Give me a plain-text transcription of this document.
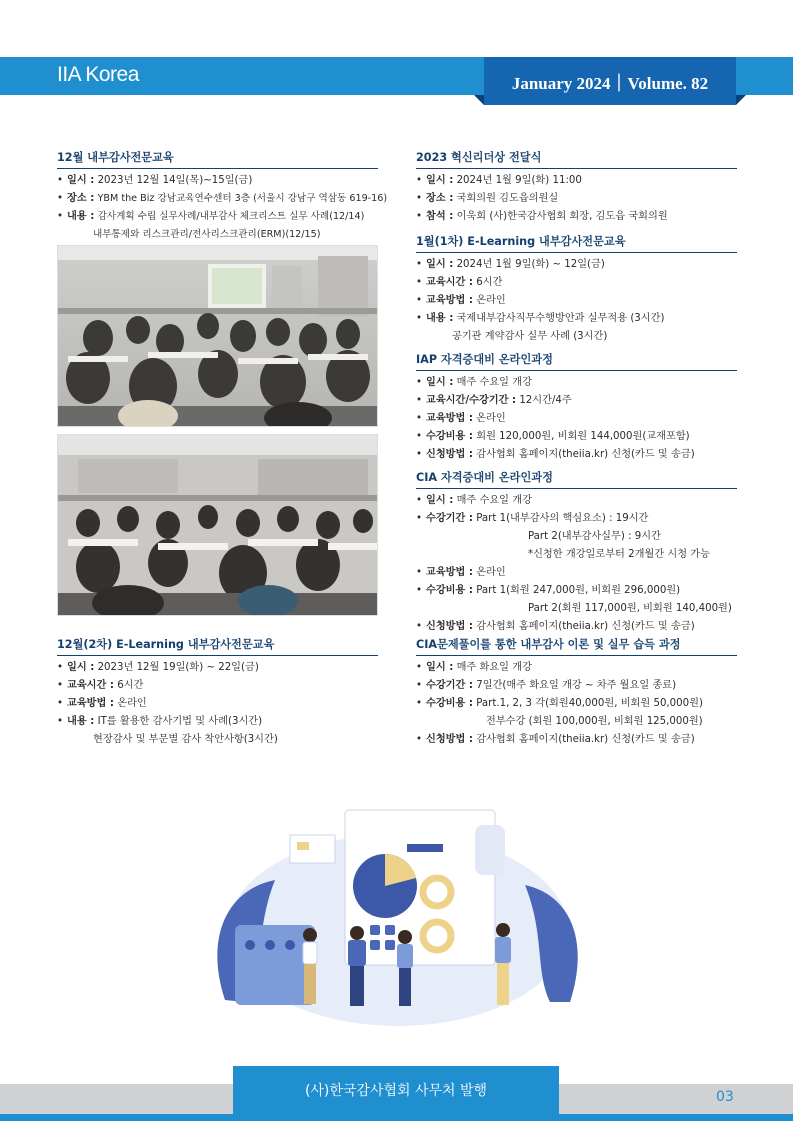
IIA Korea	January 2024｜Volume. 82
12월 내부감사전문교육
• 일시 :
2023년 12월 14일(목)~15일(금)
• 장소 :
YBM the Biz 강남교육연수센터 3층 (서울시 강남구 역삼동 619-16)
• 내용 :
감사계획 수립 실무사례/내부감사 체크리스트 실무 사례(12/14)
내부통제와 리스크관리/전사리스크관리(ERM)(12/15)
12월(2차) E-Learning 내부감사전문교육
• 일시 :
2023년 12월 19일(화) ~ 22일(금)
• 교육시간 :
6시간
• 교육방법 :
온라인
• 내용 :
IT를 활용한 감사기법 및 사례(3시간)
현장감사 및 부문별 감사 착안사항(3시간)
2023 혁신리더상 전달식
• 일시 :
2024년 1월 9일(화) 11:00
• 장소 :
국회의원 김도읍의원실
• 참석 :
이욱희 (사)한국감사협회 회장, 김도읍 국회의원
1월(1차) E-Learning 내부감사전문교육
• 일시 :
2024년 1월 9일(화) ~ 12일(금)
• 교육시간 :
6시간
• 교육방법 :
온라인
• 내용 :
국제내부감사직무수행방안과 실무적용 (3시간)
공기관 계약감사 실무 사례 (3시간)
IAP 자격증대비 온라인과정
• 일시 :
매주 수요일 개강
• 교육시간/수강기간 :
12시간/4주
• 교육방법 :
온라인
• 수강비용 :
회원 120,000원, 비회원 144,000원(교재포함)
• 신청방법 :
감사협회 홈페이지(theiia.kr) 신청(카드 및 송금)
CIA 자격증대비 온라인과정
• 일시 :
매주 수요일 개강
• 수강기간 :
Part 1(내부감사의 핵심요소) : 19시간
Part 2(내부감사실무) : 9시간
*신청한 개강일로부터 2개월간 시청 가능
• 교육방법 :
온라인
• 수강비용 :
Part 1(회원 247,000원, 비회원 296,000원)
Part 2(회원 117,000원, 비회원 140,400원)
• 신청방법 :
감사협회 홈페이지(theiia.kr) 신청(카드 및 송금)
CIA문제풀이를 통한 내부감사 이론 및 실무 습득 과정
• 일시 :
매주 화요일 개강
• 수강기간 :
7일간(매주 화요일 개강 ~ 차주 월요일 종료)
• 수강비용 :
Part.1, 2, 3 각(회원40,000원, 비회원 50,000원)
전부수강 (회원 100,000원, 비회원 125,000원)
• 신청방법 :
감사협회 홈페이지(theiia.kr) 신청(카드 및 송금)
(사)한국감사협회 사무처 발행	03
